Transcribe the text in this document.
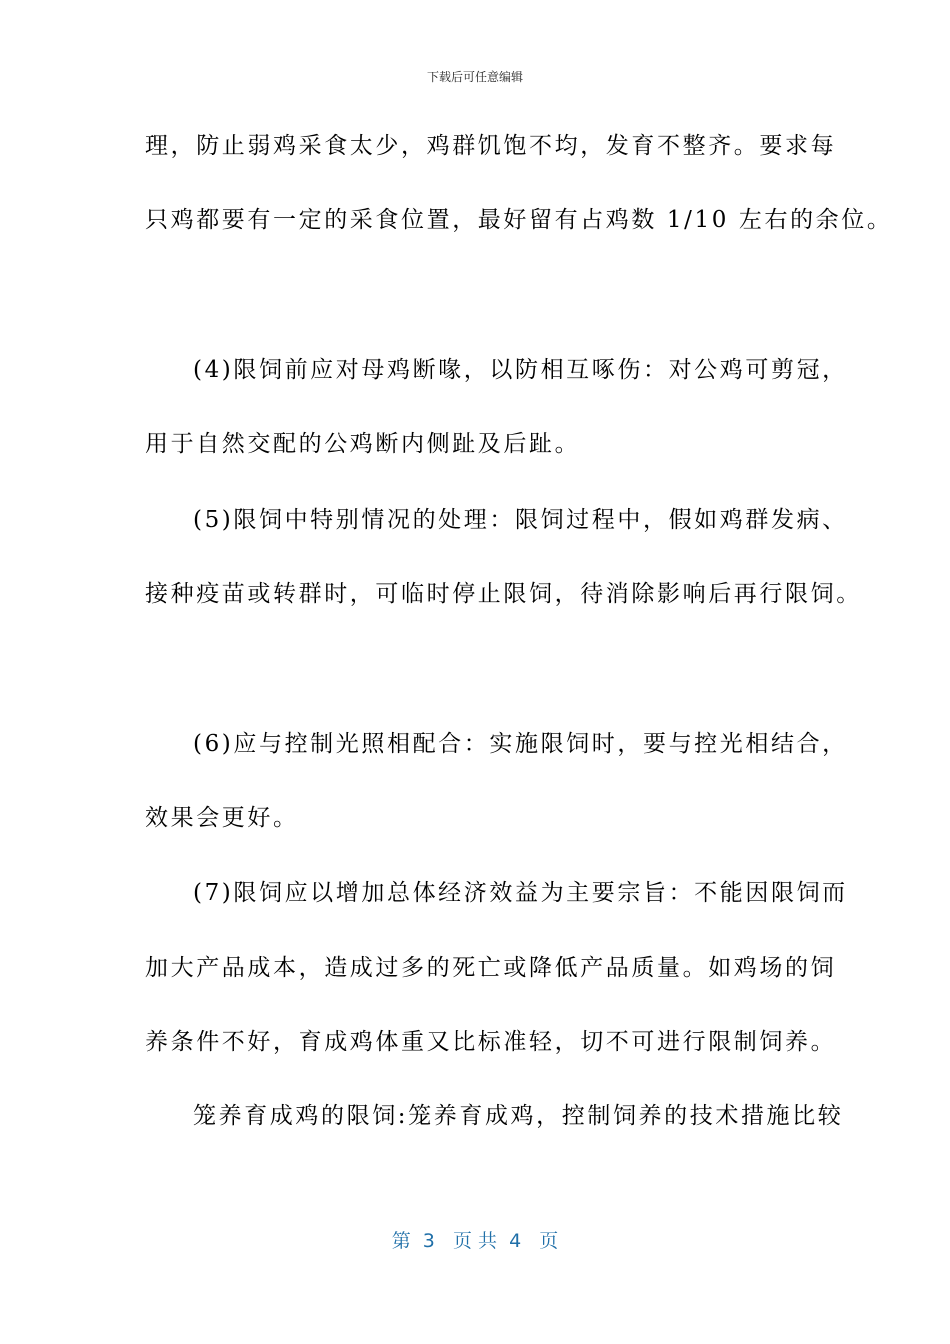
下载后可任意编辑
理，防止弱鸡采食太少，鸡群饥饱不均，发育不整齐。要求每
只鸡都要有一定的采食位置，最好留有占鸡数 1/10 左右的余位。
(4)限饲前应对母鸡断喙，以防相互啄伤：对公鸡可剪冠，
用于自然交配的公鸡断内侧趾及后趾。
(5)限饲中特别情况的处理：限饲过程中，假如鸡群发病、
接种疫苗或转群时，可临时停止限饲，待消除影响后再行限饲。
(6)应与控制光照相配合：实施限饲时，要与控光相结合，
效果会更好。
(7)限饲应以增加总体经济效益为主要宗旨：不能因限饲而
加大产品成本，造成过多的死亡或降低产品质量。如鸡场的饲
养条件不好，育成鸡体重又比标准轻，切不可进行限制饲养。
笼养育成鸡的限饲:笼养育成鸡，控制饲养的技术措施比较
第  3   页 共  4   页
